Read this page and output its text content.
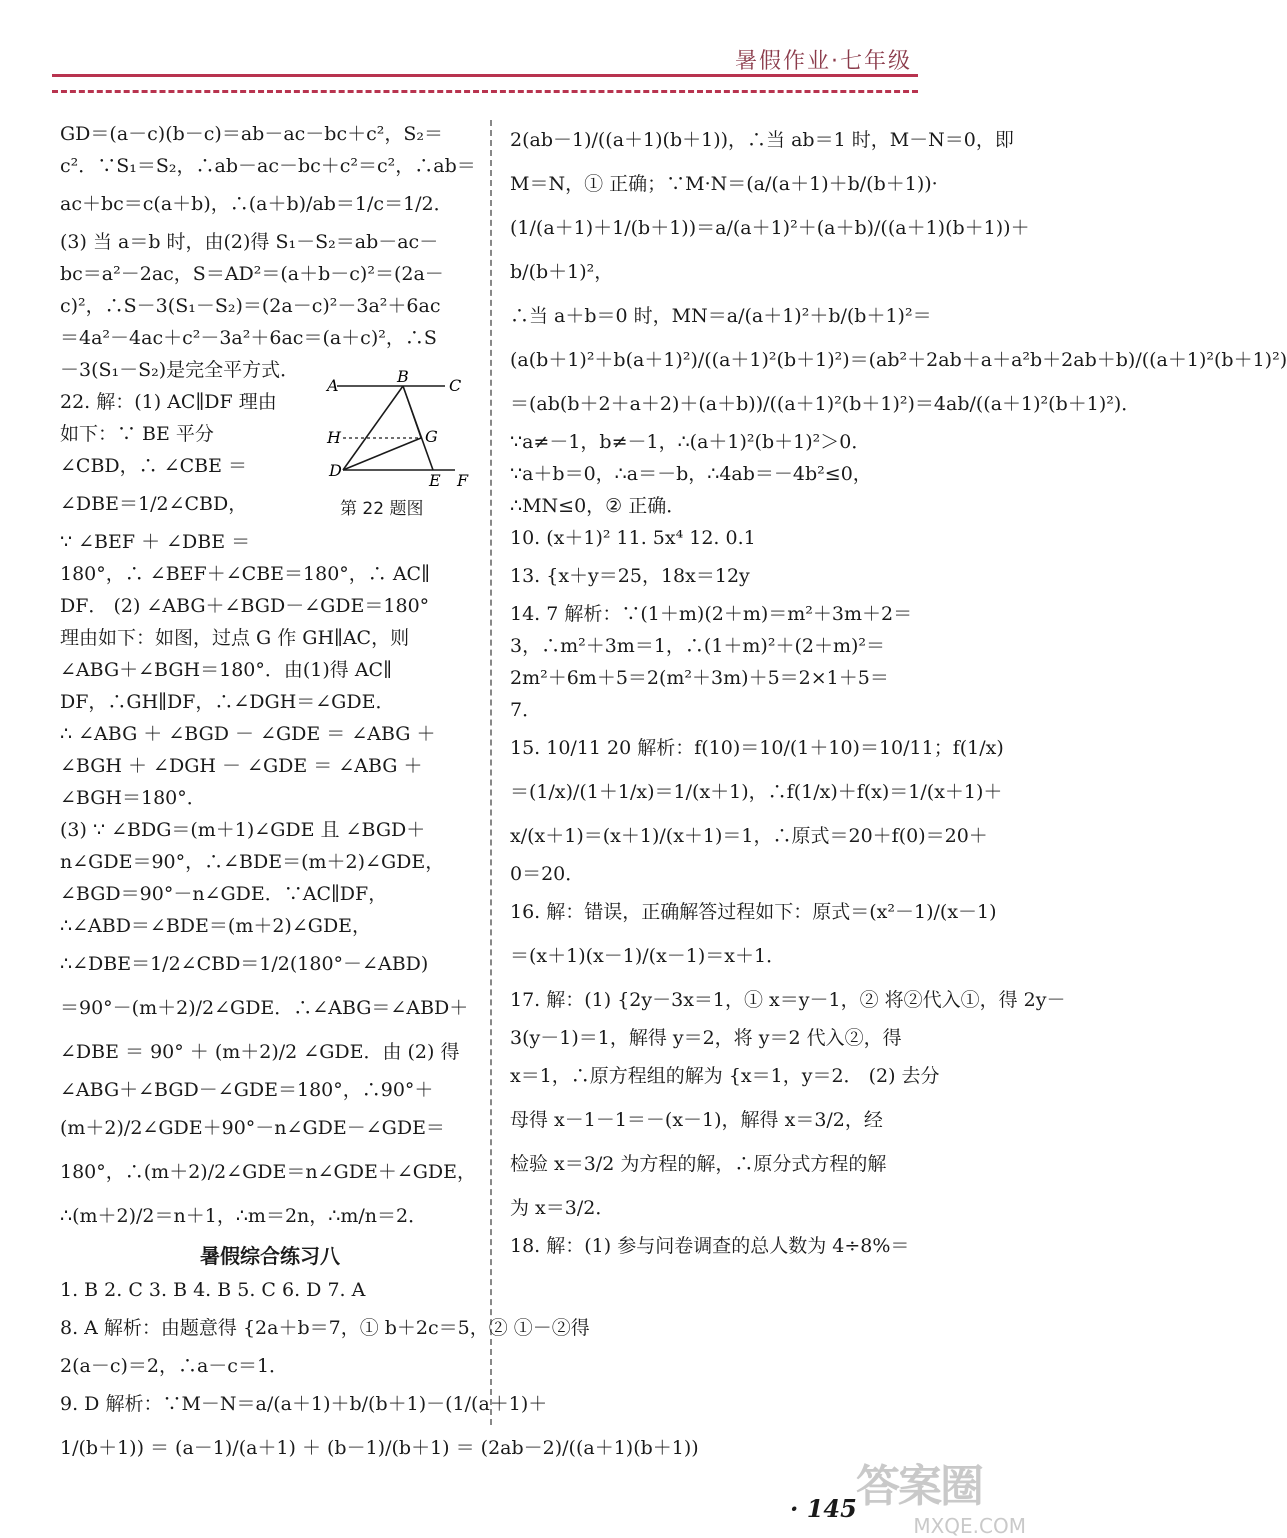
暑假作业·七年级

GD＝(a－c)(b－c)＝ab－ac－bc＋c²，S₂＝

c²．∵S₁＝S₂，∴ab－ac－bc＋c²＝c²，∴ab＝

ac＋bc＝c(a＋b)，∴(a＋b)/ab＝1/c＝1/2．

(3) 当 a＝b 时，由(2)得 S₁－S₂＝ab－ac－

bc＝a²－2ac，S＝AD²＝(a＋b－c)²＝(2a－

c)²，∴S－3(S₁－S₂)＝(2a－c)²－3a²＋6ac

＝4a²－4ac＋c²－3a²＋6ac＝(a＋c)²，∴S

－3(S₁－S₂)是完全平方式．

22. 解：(1) AC∥DF 理由

如下：∵ BE 平分

∠CBD，∴ ∠CBE ＝

∠DBE＝1/2∠CBD，

∵ ∠BEF ＋ ∠DBE ＝

180°，∴ ∠BEF＋∠CBE＝180°，∴ AC∥

DF． (2) ∠ABG＋∠BGD－∠GDE＝180°

理由如下：如图，过点 G 作 GH∥AC，则

∠ABG＋∠BGH＝180°．由(1)得 AC∥

DF，∴GH∥DF，∴∠DGH＝∠GDE．

∴ ∠ABG ＋ ∠BGD － ∠GDE ＝ ∠ABG ＋

∠BGH ＋ ∠DGH － ∠GDE ＝ ∠ABG ＋

∠BGH＝180°．

(3) ∵ ∠BDG＝(m＋1)∠GDE 且 ∠BGD＋

n∠GDE＝90°，∴∠BDE＝(m＋2)∠GDE，

∠BGD＝90°－n∠GDE．∵AC∥DF，

∴∠ABD＝∠BDE＝(m＋2)∠GDE，

∴∠DBE＝1/2∠CBD＝1/2(180°－∠ABD)

＝90°－(m＋2)/2∠GDE．∴∠ABG＝∠ABD＋

∠DBE ＝ 90° ＋ (m＋2)/2 ∠GDE．由 (2) 得

∠ABG＋∠BGD－∠GDE＝180°，∴90°＋

(m＋2)/2∠GDE＋90°－n∠GDE－∠GDE＝

180°，∴(m＋2)/2∠GDE＝n∠GDE＋∠GDE，

∴(m＋2)/2＝n＋1，∴m＝2n，∴m/n＝2．

暑假综合练习八

1. B 2. C 3. B 4. B 5. C 6. D 7. A

8. A 解析：由题意得 {2a＋b＝7，① b＋2c＝5，② ①－②得

2(a－c)＝2，∴a－c＝1．

9. D 解析：∵M－N＝a/(a＋1)＋b/(b＋1)－(1/(a＋1)＋

1/(b＋1)) ＝ (a－1)/(a＋1) ＋ (b－1)/(b＋1) ＝ (2ab－2)/((a＋1)(b＋1))

A	B	C
H	G
D
E F
第 22 题图

2(ab－1)/((a＋1)(b＋1))，∴当 ab＝1 时，M－N＝0，即

M＝N，① 正确；∵M·N＝(a/(a＋1)＋b/(b＋1))·

(1/(a＋1)＋1/(b＋1))＝a/(a＋1)²＋(a＋b)/((a＋1)(b＋1))＋

b/(b＋1)²，

∴当 a＋b＝0 时，MN＝a/(a＋1)²＋b/(b＋1)²＝

(a(b＋1)²＋b(a＋1)²)/((a＋1)²(b＋1)²)＝(ab²＋2ab＋a＋a²b＋2ab＋b)/((a＋1)²(b＋1)²)

＝(ab(b＋2＋a＋2)＋(a＋b))/((a＋1)²(b＋1)²)＝4ab/((a＋1)²(b＋1)²)．

∵a≠－1，b≠－1，∴(a＋1)²(b＋1)²＞0．

∵a＋b＝0，∴a＝－b，∴4ab＝－4b²≤0，

∴MN≤0，② 正确．

10. (x＋1)² 11. 5x⁴ 12. 0.1

13. {x＋y＝25，18x＝12y

14. 7 解析：∵(1＋m)(2＋m)＝m²＋3m＋2＝

3，∴m²＋3m＝1，∴(1＋m)²＋(2＋m)²＝

2m²＋6m＋5＝2(m²＋3m)＋5＝2×1＋5＝

7．

15. 10/11 20 解析：f(10)＝10/(1＋10)＝10/11；f(1/x)

＝(1/x)/(1＋1/x)＝1/(x＋1)，∴f(1/x)＋f(x)＝1/(x＋1)＋

x/(x＋1)＝(x＋1)/(x＋1)＝1，∴原式＝20＋f(0)＝20＋

0＝20．

16. 解：错误，正确解答过程如下：原式＝(x²－1)/(x－1)

＝(x＋1)(x－1)/(x－1)＝x＋1．

17. 解：(1) {2y－3x＝1，① x＝y－1，② 将②代入①，得 2y－

3(y－1)＝1，解得 y＝2，将 y＝2 代入②，得

x＝1，∴原方程组的解为 {x＝1，y＝2． (2) 去分

母得 x－1－1＝－(x－1)，解得 x＝3/2，经

检验 x＝3/2 为方程的解，∴原分式方程的解

为 x＝3/2．

18. 解：(1) 参与问卷调查的总人数为 4÷8%＝

· 145 答案圈
MXQE.COM
